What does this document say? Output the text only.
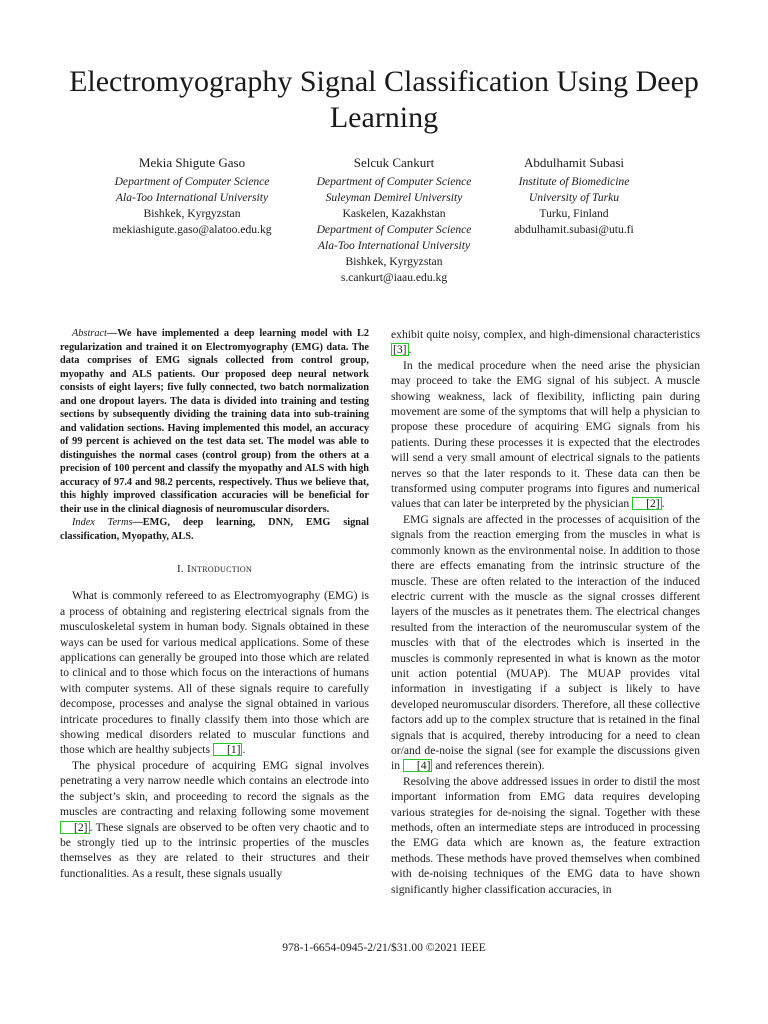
Electromyography Signal Classification Using Deep Learning
Mekia Shigute Gaso
Department of Computer Science
Ala-Too International University
Bishkek, Kyrgyzstan
mekiashigute.gaso@alatoo.edu.kg
Selcuk Cankurt
Department of Computer Science
Suleyman Demirel University
Kaskelen, Kazakhstan
Department of Computer Science
Ala-Too International University
Bishkek, Kyrgyzstan
s.cankurt@iaau.edu.kg
Abdulhamit Subasi
Institute of Biomedicine
University of Turku
Turku, Finland
abdulhamit.subasi@utu.fi

Abstract—We have implemented a deep learning model with L2 regularization and trained it on Electromyography (EMG) data. The data comprises of EMG signals collected from control group, myopathy and ALS patients. Our proposed deep neural network consists of eight layers; five fully connected, two batch normalization and one dropout layers. The data is divided into training and testing sections by subsequently dividing the training data into sub-training and validation sections. Having implemented this model, an accuracy of 99 percent is achieved on the test data set. The model was able to distinguishes the normal cases (control group) from the others at a precision of 100 percent and classify the myopathy and ALS with high accuracy of 97.4 and 98.2 percents, respectively. Thus we believe that, this highly improved classification accuracies will be beneficial for their use in the clinical diagnosis of neuromuscular disorders.

Index Terms—EMG, deep learning, DNN, EMG signal classification, Myopathy, ALS.

I. Introduction

What is commonly refereed to as Electromyography (EMG) is a process of obtaining and registering electrical signals from the musculoskeletal system in human body. Signals obtained in these ways can be used for various medical applications. Some of these applications can generally be grouped into those which are related to clinical and to those which focus on the interactions of humans with computer systems. All of these signals require to carefully decompose, processes and analyse the signal obtained in various intricate procedures to finally classify them into those which are showing medical disorders related to muscular functions and those which are healthy subjects [1] .

The physical procedure of acquiring EMG signal involves penetrating a very narrow needle which contains an electrode into the subject’s skin, and proceeding to record the signals as the muscles are contracting and relaxing following some movement [2] . These signals are observed to be often very chaotic and to be strongly tied up to the intrinsic properties of the muscles themselves as they are related to their structures and their functionalities. As a result, these signals usually

exhibit quite noisy, complex, and high-dimensional characteristics [3] .

In the medical procedure when the need arise the physician may proceed to take the EMG signal of his subject. A muscle showing weakness, lack of flexibility, inflicting pain during movement are some of the symptoms that will help a physician to propose these procedure of acquiring EMG signals from his patients. During these processes it is expected that the electrodes will send a very small amount of electrical signals to the patients nerves so that the later responds to it. These data can then be transformed using computer programs into figures and numerical values that can later be interpreted by the physician [2] .

EMG signals are affected in the processes of acquisition of the signals from the reaction emerging from the muscles in what is commonly known as the environmental noise. In addition to those there are effects emanating from the intrinsic structure of the muscle. These are often related to the interaction of the induced electric current with the muscle as the signal crosses different layers of the muscles as it penetrates them. The electrical changes resulted from the interaction of the neuromuscular system of the muscles with that of the electrodes which is inserted in the muscles is commonly represented in what is known as the motor unit action potential (MUAP). The MUAP provides vital information in investigating if a subject is likely to have developed neuromuscular disorders. Therefore, all these collective factors add up to the complex structure that is retained in the final signals that is acquired, thereby introducing for a need to clean or/and de-noise the signal (see for example the discussions given in [4] and references therein).

Resolving the above addressed issues in order to distil the most important information from EMG data requires developing various strategies for de-noising the signal. Together with these methods, often an intermediate steps are introduced in processing the EMG data which are known as, the feature extraction methods. These methods have proved themselves when combined with de-noising techniques of the EMG data to have shown significantly higher classification accuracies, in

978-1-6654-0945-2/21/$31.00 ©2021 IEEE
